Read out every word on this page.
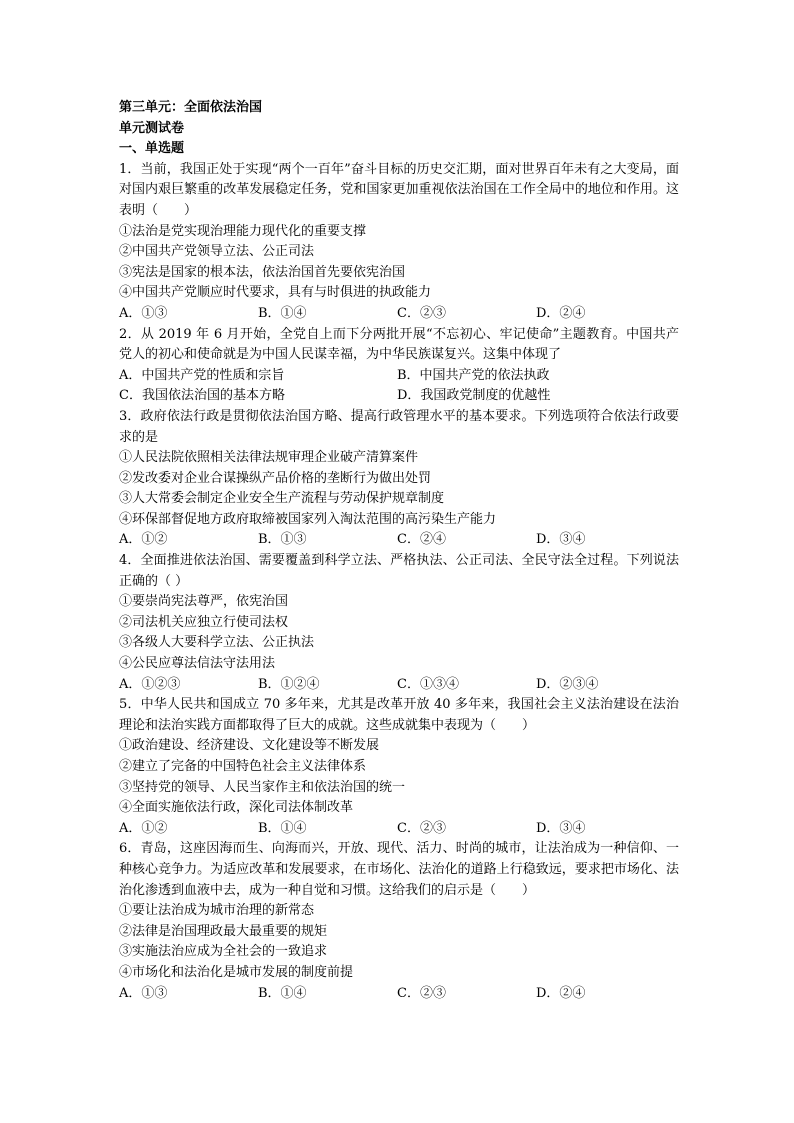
第三单元：全面依法治国
单元测试卷
一、单选题
1．当前，我国正处于实现“两个一百年”奋斗目标的历史交汇期，面对世界百年未有之大变局，面对国内艰巨繁重的改革发展稳定任务，党和国家更加重视依法治国在工作全局中的地位和作用。这表明（　　）
①法治是党实现治理能力现代化的重要支撑
②中国共产党领导立法、公正司法
③宪法是国家的根本法，依法治国首先要依宪治国
④中国共产党顺应时代要求，具有与时俱进的执政能力
A．①③	B．①④	C．②③	D．②④
2．从 2019 年 6 月开始，全党自上而下分两批开展“不忘初心、牢记使命”主题教育。中国共产党人的初心和使命就是为中国人民谋幸福，为中华民族谋复兴。这集中体现了
A．中国共产党的性质和宗旨	B．中国共产党的依法执政
C．我国依法治国的基本方略	D．我国政党制度的优越性
3．政府依法行政是贯彻依法治国方略、提高行政管理水平的基本要求。下列选项符合依法行政要求的是
①人民法院依照相关法律法规审理企业破产清算案件
②发改委对企业合谋操纵产品价格的垄断行为做出处罚
③人大常委会制定企业安全生产流程与劳动保护规章制度
④环保部督促地方政府取缔被国家列入淘汰范围的高污染生产能力
A．①②	B．①③	C．②④	D．③④
4．全面推进依法治国、需要覆盖到科学立法、严格执法、公正司法、全民守法全过程。下列说法正确的（ ）
①要崇尚宪法尊严，依宪治国
②司法机关应独立行使司法权
③各级人大要科学立法、公正执法
④公民应尊法信法守法用法
A．①②③	B．①②④	C．①③④	D．②③④
5．中华人民共和国成立 70 多年来，尤其是改革开放 40 多年来，我国社会主义法治建设在法治理论和法治实践方面都取得了巨大的成就。这些成就集中表现为（　　）
①政治建设、经济建设、文化建设等不断发展
②建立了完备的中国特色社会主义法律体系
③坚持党的领导、人民当家作主和依法治国的统一
④全面实施依法行政，深化司法体制改革
A．①②	B．①④	C．②③	D．③④
6．青岛，这座因海而生、向海而兴，开放、现代、活力、时尚的城市，让法治成为一种信仰、一种核心竞争力。为适应改革和发展要求，在市场化、法治化的道路上行稳致远，要求把市场化、法治化渗透到血液中去，成为一种自觉和习惯。这给我们的启示是（　　）
①要让法治成为城市治理的新常态
②法律是治国理政最大最重要的规矩
③实施法治应成为全社会的一致追求
④市场化和法治化是城市发展的制度前提
A．①③	B．①④	C．②③	D．②④
